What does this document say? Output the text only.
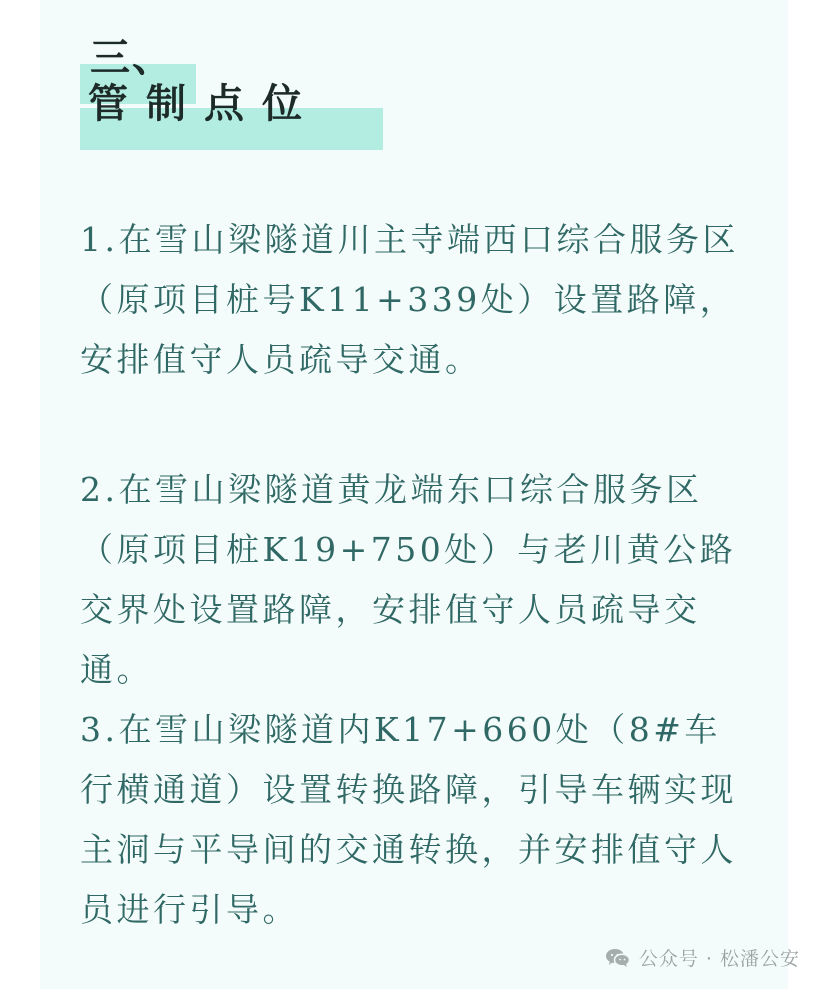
三、
管制点位

1.在雪山梁隧道川主寺端西口综合服务区（原项目桩号K11+339处）设置路障，安排值守人员疏导交通。

2.在雪山梁隧道黄龙端东口综合服务区（原项目桩K19+750处）与老川黄公路交界处设置路障，安排值守人员疏导交通。

3.在雪山梁隧道内K17+660处（8#车行横通道）设置转换路障，引导车辆实现主洞与平导间的交通转换，并安排值守人员进行引导。

公众号 · 松潘公安
